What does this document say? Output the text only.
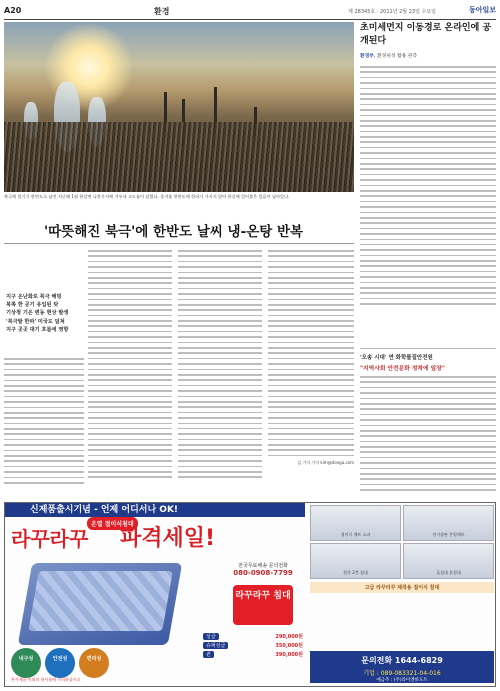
A20	환경	제 28345호 · 2011년 2월 23일 수요일	동아일보
북극에 불기기 한반도로 남진 지난해 1월 한강변 나뭇가지에 겨우내 고드름이 달렸다. 올겨울 한반도에 한파가 가시지 않아 한강에 얼어붙은 얼음이 남아있다.
'따뜻해진 북극'에 한반도 날씨 냉-온탕 반복
지구 온난화로 북극 해빙
북쪽 한 공기 유입된 탓
기상청 기온 변동 현상 발생
'북극발 한파' 미국도 덮쳐
지구 곳곳 대기 흐름에 영향
김 기자 기자 kim@donga.com
초미세먼지 이동경로 온라인에 공개된다
환경부, 환경위성 활용 관측
'오송 시대' 연 화학물질안전원
"지역사회 안전문화 정착에 앞장"
신제품출시기념 - 언제 어디서나 OK!
라꾸라꾸
온열 접이식침대
파격세일!
전국무료배송 문의전화
080-0908-7799
라꾸라꾸 침대
싱글	290,000원
슈퍼싱글	350,000원
퀸	390,000원
내구성	안전성	편리성
본사제품 이외의 유사품에 주의하십시오
접이식 매트 소파	전기장판 온열매트
원목 2층 침대	돌침대 흙침대
고급 라꾸라꾸 제작용 접이식 침대
문의전화 1644-6829
기업 : 089-083321-04-016
예금주 : (주)라이앤바도트
